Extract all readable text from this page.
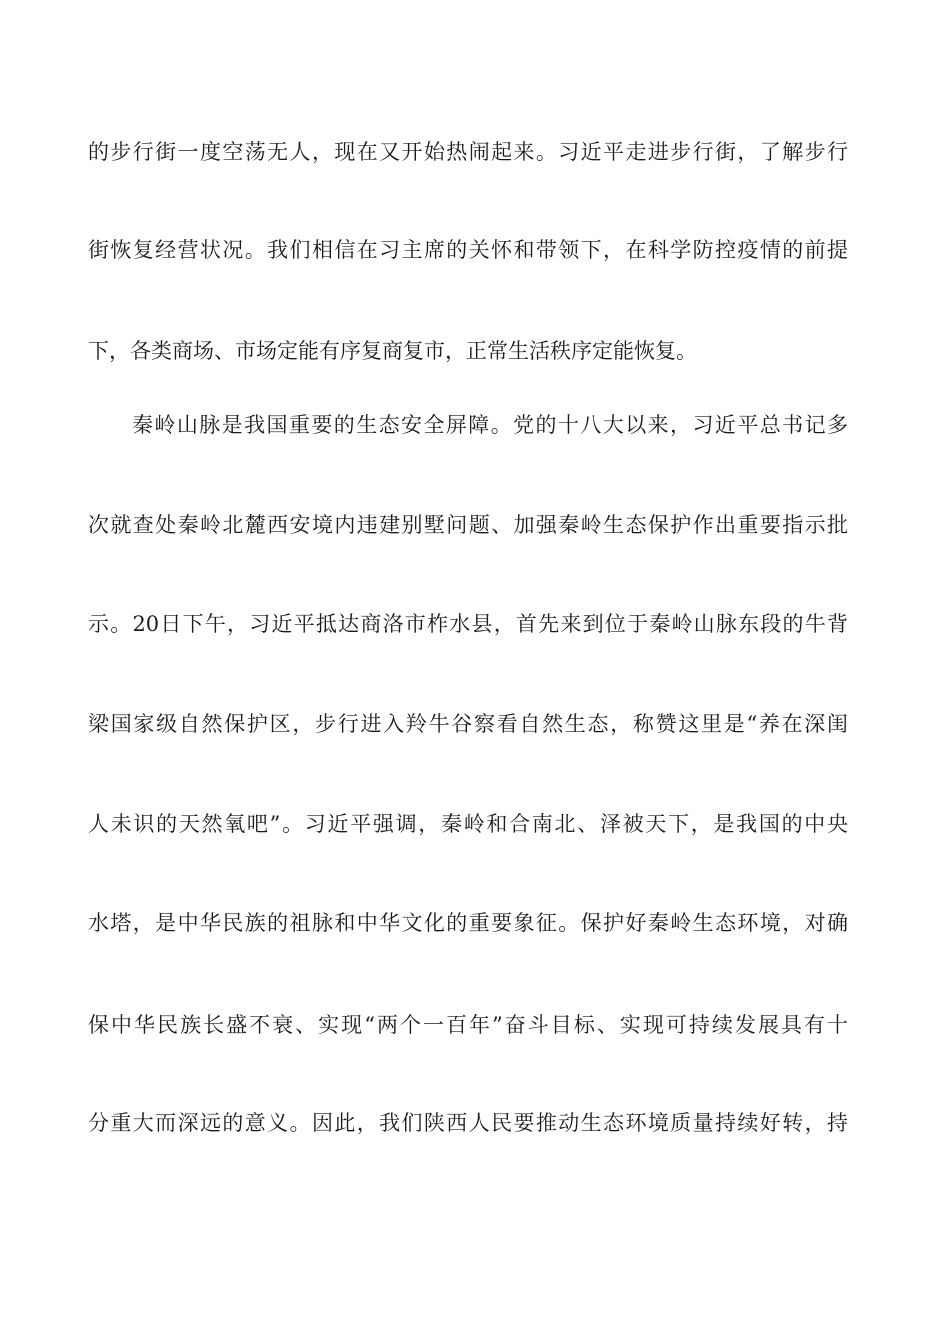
的步行街一度空荡无人，现在又开始热闹起来。习近平走进步行街，了解步行
街恢复经营状况。我们相信在习主席的关怀和带领下，在科学防控疫情的前提
下，各类商场、市场定能有序复商复市，正常生活秩序定能恢复。
秦岭山脉是我国重要的生态安全屏障。党的十八大以来，习近平总书记多
次就查处秦岭北麓西安境内违建别墅问题、加强秦岭生态保护作出重要指示批
示。20日下午，习近平抵达商洛市柞水县，首先来到位于秦岭山脉东段的牛背
梁国家级自然保护区，步行进入羚牛谷察看自然生态，称赞这里是“养在深闺
人未识的天然氧吧”。习近平强调，秦岭和合南北、泽被天下，是我国的中央
水塔，是中华民族的祖脉和中华文化的重要象征。保护好秦岭生态环境，对确
保中华民族长盛不衰、实现“两个一百年”奋斗目标、实现可持续发展具有十
分重大而深远的意义。因此，我们陕西人民要推动生态环境质量持续好转，持
